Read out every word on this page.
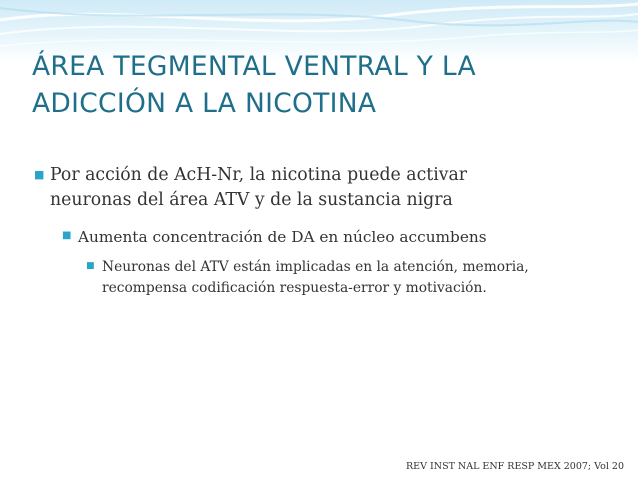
ÁREA TEGMENTAL VENTRAL Y LA
ADICCIÓN A LA NICOTINA
■ Por acción de AcH-Nr, la nicotina puede activar neuronas del área ATV y de la sustancia nigra
■ Aumenta concentración de DA en núcleo accumbens
■ Neuronas del ATV están implicadas en la atención, memoria, recompensa codificación respuesta-error y motivación.
REV INST NAL ENF RESP MEX 2007; Vol 20
